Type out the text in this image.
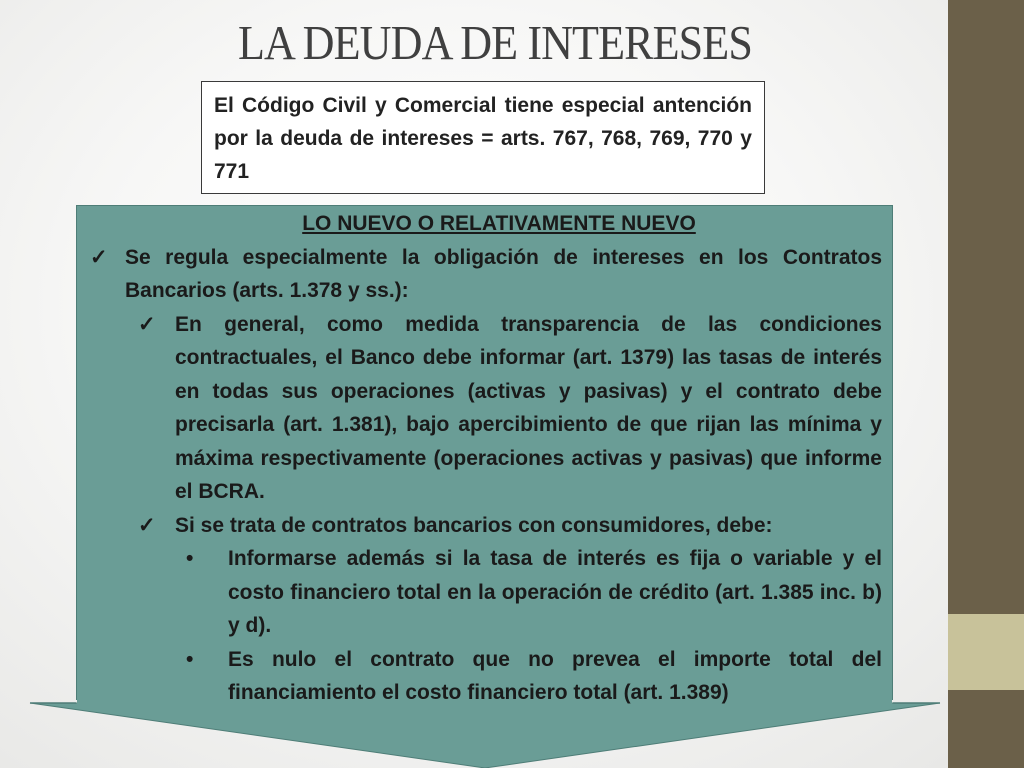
LA DEUDA DE INTERESES
El Código Civil y Comercial tiene especial antención por la deuda de intereses = arts. 767, 768, 769, 770 y 771
LO NUEVO O RELATIVAMENTE NUEVO
✓ Se regula especialmente la obligación de intereses en los Contratos Bancarios (arts. 1.378 y ss.):
✓ En general, como medida transparencia de las condiciones contractuales, el Banco debe informar (art. 1379) las tasas de interés en todas sus operaciones (activas y pasivas) y el contrato debe precisarla (art. 1.381), bajo apercibimiento de que rijan las mínima y máxima respectivamente (operaciones activas y pasivas) que informe el BCRA.
✓ Si se trata de contratos bancarios con consumidores, debe:
• Informarse además si la tasa de interés es fija o variable y el costo financiero total en la operación de crédito (art. 1.385 inc. b) y d).
• Es nulo el contrato que no prevea el importe total del financiamiento el costo financiero total (art. 1.389)
